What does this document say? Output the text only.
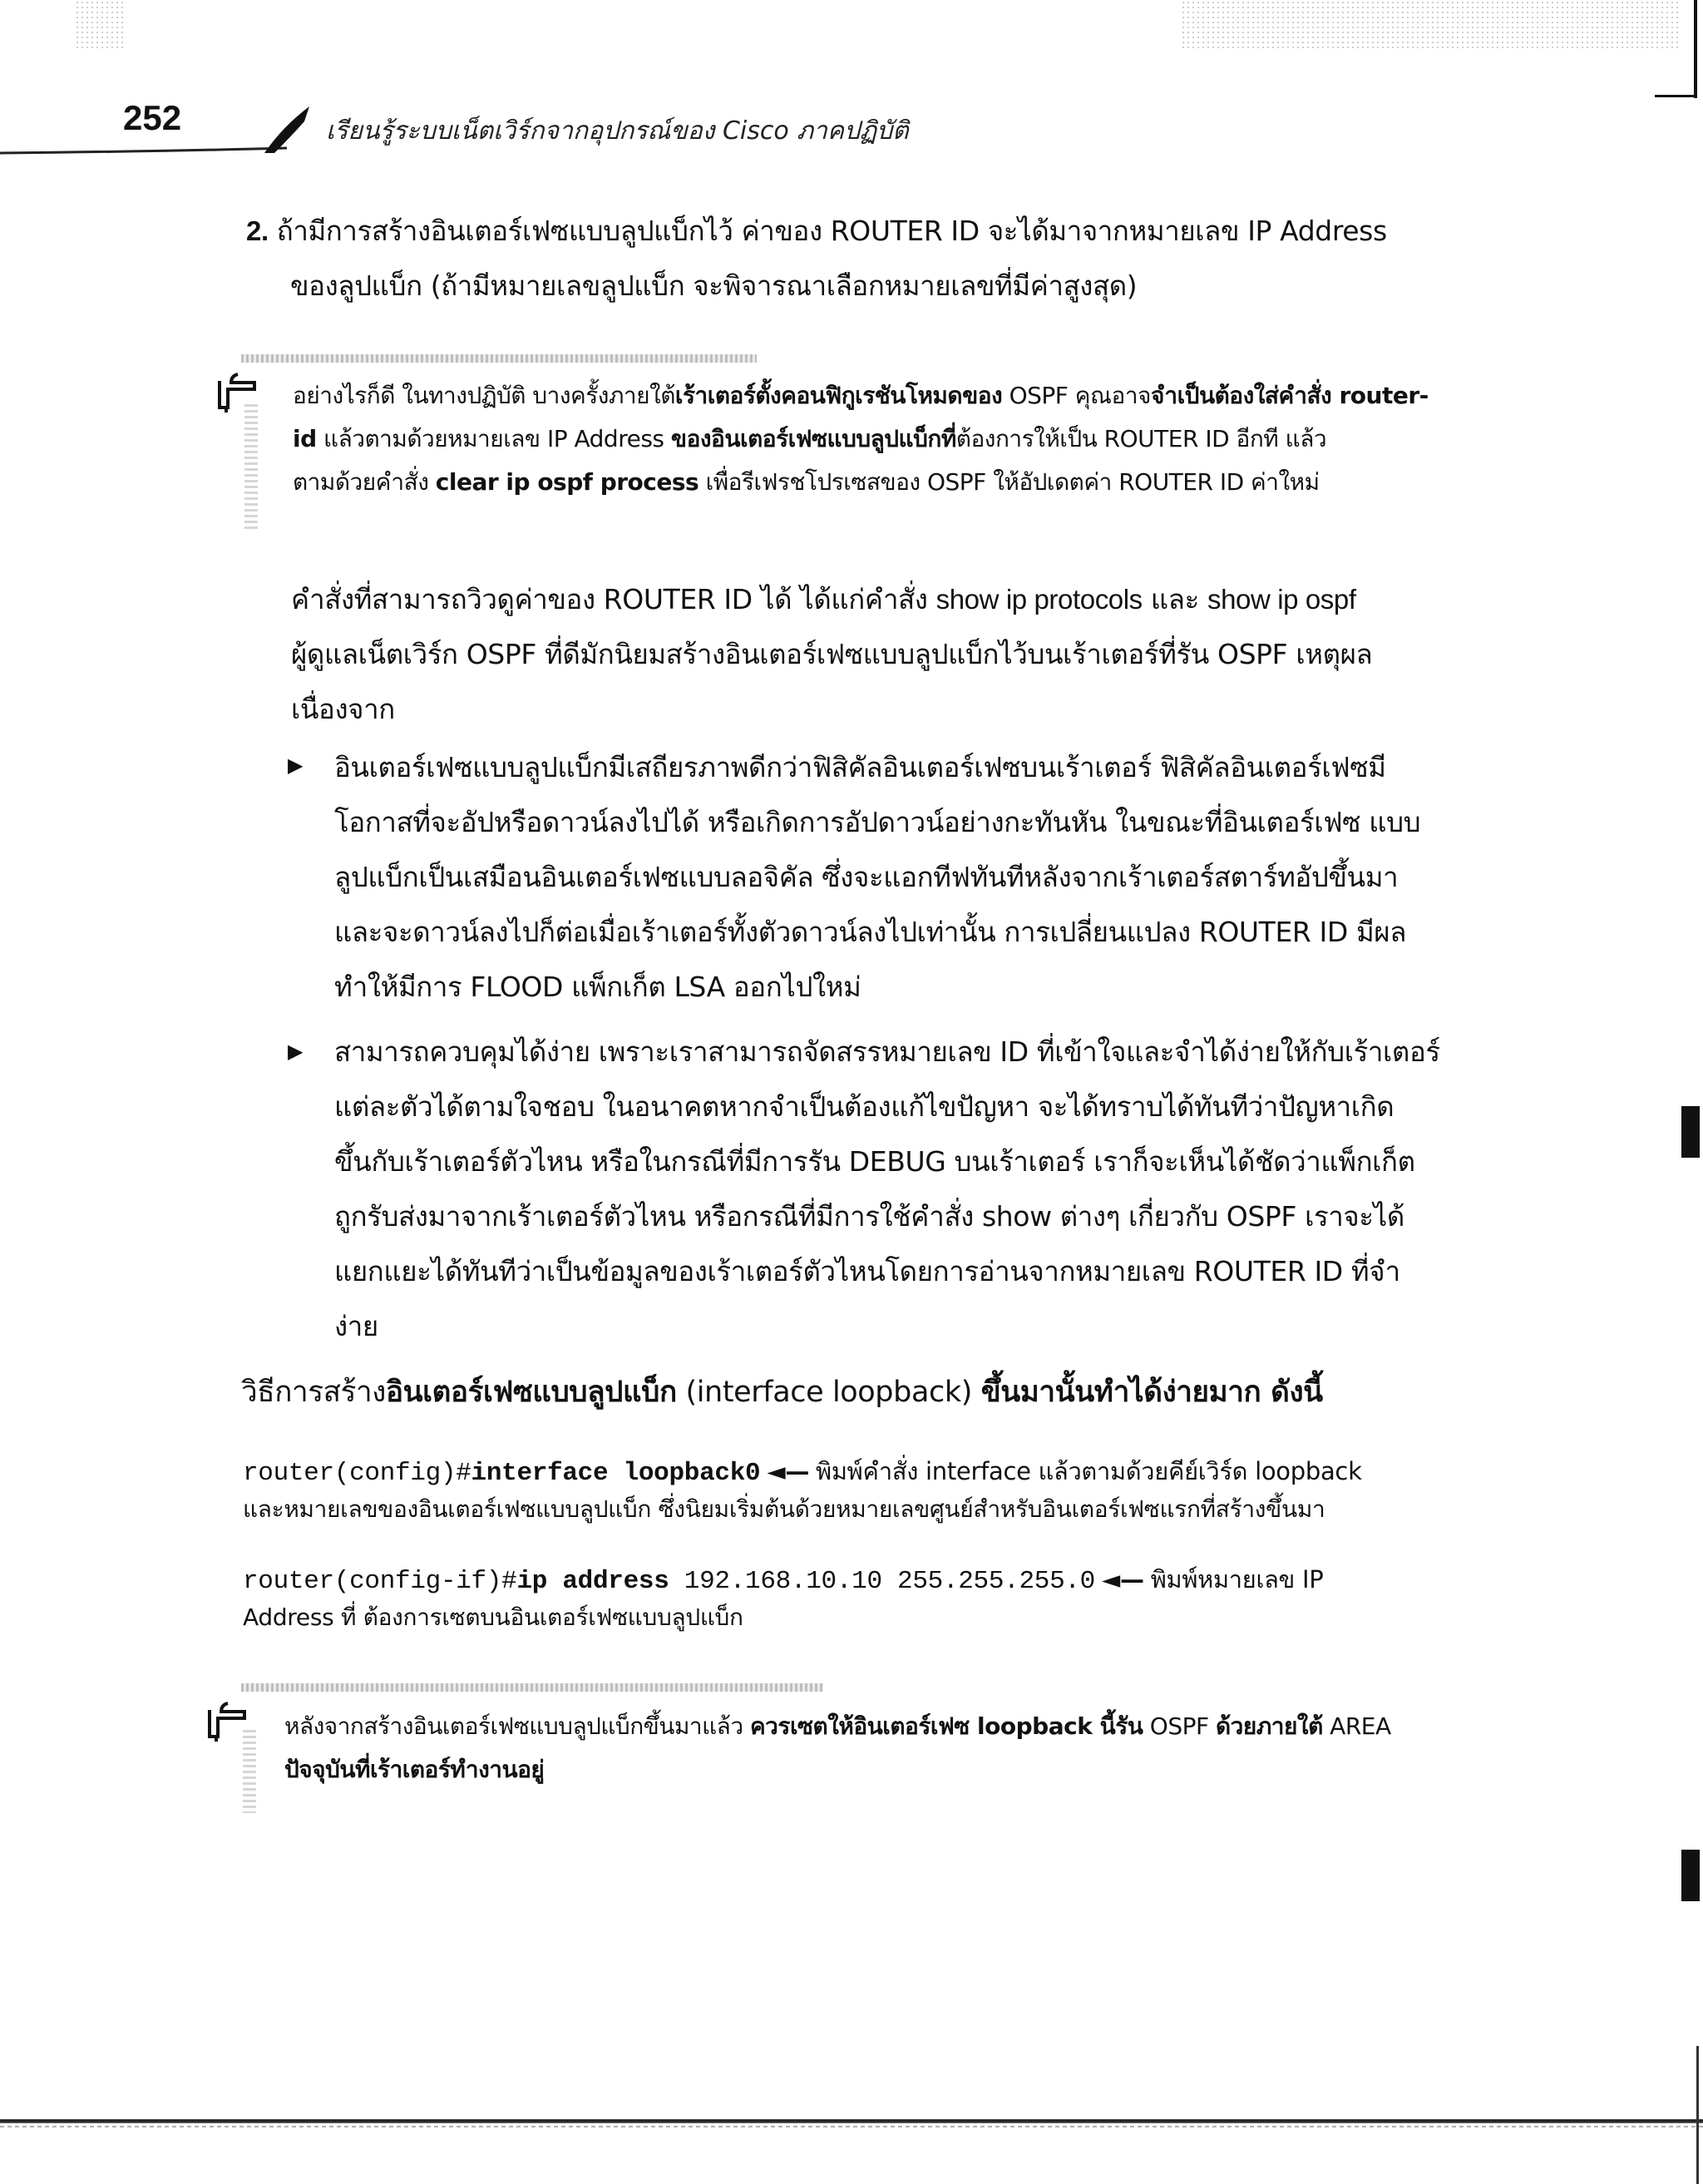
252	เรียนรู้ระบบเน็ตเวิร์กจากอุปกรณ์ของ Cisco ภาคปฏิบัติ

2. ถ้ามีการสร้างอินเตอร์เฟซแบบลูปแบ็กไว้ ค่าของ ROUTER ID จะได้มาจากหมายเลข IP Address
ของลูปแบ็ก (ถ้ามีหมายเลขลูปแบ็ก จะพิจารณาเลือกหมายเลขที่มีค่าสูงสุด)

อย่างไรก็ดี ในทางปฏิบัติ บางครั้งภายใต้เร้าเตอร์ตั้งคอนฟิกูเรชันโหมดของ OSPF คุณอาจจำเป็นต้องใส่คำสั่ง router-
id แล้วตามด้วยหมายเลข IP Address ของอินเตอร์เฟซแบบลูปแบ็กที่ต้องการให้เป็น ROUTER ID อีกที แล้ว
ตามด้วยคำสั่ง clear ip ospf process เพื่อรีเฟรชโปรเซสของ OSPF ให้อัปเดตค่า ROUTER ID ค่าใหม่

คำสั่งที่สามารถวิวดูค่าของ ROUTER ID ได้ ได้แก่คำสั่ง show ip protocols และ show ip ospf
ผู้ดูแลเน็ตเวิร์ก OSPF ที่ดีมักนิยมสร้างอินเตอร์เฟซแบบลูปแบ็กไว้บนเร้าเตอร์ที่รัน OSPF เหตุผล
เนื่องจาก

▶ อินเตอร์เฟซแบบลูปแบ็กมีเสถียรภาพดีกว่าฟิสิคัลอินเตอร์เฟซบนเร้าเตอร์ ฟิสิคัลอินเตอร์เฟซมี
โอกาสที่จะอัปหรือดาวน์ลงไปได้ หรือเกิดการอัปดาวน์อย่างกะทันหัน ในขณะที่อินเตอร์เฟซ แบบ
ลูปแบ็กเป็นเสมือนอินเตอร์เฟซแบบลอจิคัล ซึ่งจะแอกทีฟทันทีหลังจากเร้าเตอร์สตาร์ทอัปขึ้นมา
และจะดาวน์ลงไปก็ต่อเมื่อเร้าเตอร์ทั้งตัวดาวน์ลงไปเท่านั้น การเปลี่ยนแปลง ROUTER ID มีผล
ทำให้มีการ FLOOD แพ็กเก็ต LSA ออกไปใหม่

▶ สามารถควบคุมได้ง่าย เพราะเราสามารถจัดสรรหมายเลข ID ที่เข้าใจและจำได้ง่ายให้กับเร้าเตอร์
แต่ละตัวได้ตามใจชอบ ในอนาคตหากจำเป็นต้องแก้ไขปัญหา จะได้ทราบได้ทันทีว่าปัญหาเกิด
ขึ้นกับเร้าเตอร์ตัวไหน หรือในกรณีที่มีการรัน DEBUG บนเร้าเตอร์ เราก็จะเห็นได้ชัดว่าแพ็กเก็ต
ถูกรับส่งมาจากเร้าเตอร์ตัวไหน หรือกรณีที่มีการใช้คำสั่ง show ต่างๆ เกี่ยวกับ OSPF เราจะได้
แยกแยะได้ทันทีว่าเป็นข้อมูลของเร้าเตอร์ตัวไหนโดยการอ่านจากหมายเลข ROUTER ID ที่จำ
ง่าย

วิธีการสร้างอินเตอร์เฟซแบบลูปแบ็ก (interface loopback) ขึ้นมานั้นทำได้ง่ายมาก ดังนี้

router(config)#interface loopback0 ◄— พิมพ์คำสั่ง interface แล้วตามด้วยคีย์เวิร์ด loopback

และหมายเลขของอินเตอร์เฟซแบบลูปแบ็ก ซึ่งนิยมเริ่มต้นด้วยหมายเลขศูนย์สำหรับอินเตอร์เฟซแรกที่สร้างขึ้นมา

router(config-if)#ip address 192.168.10.10 255.255.255.0 ◄— พิมพ์หมายเลข IP

Address ที่ ต้องการเซตบนอินเตอร์เฟซแบบลูปแบ็ก

หลังจากสร้างอินเตอร์เฟซแบบลูปแบ็กขึ้นมาแล้ว ควรเซตให้อินเตอร์เฟซ loopback นี้รัน OSPF ด้วยภายใต้ AREA
ปัจจุบันที่เร้าเตอร์ทำงานอยู่
